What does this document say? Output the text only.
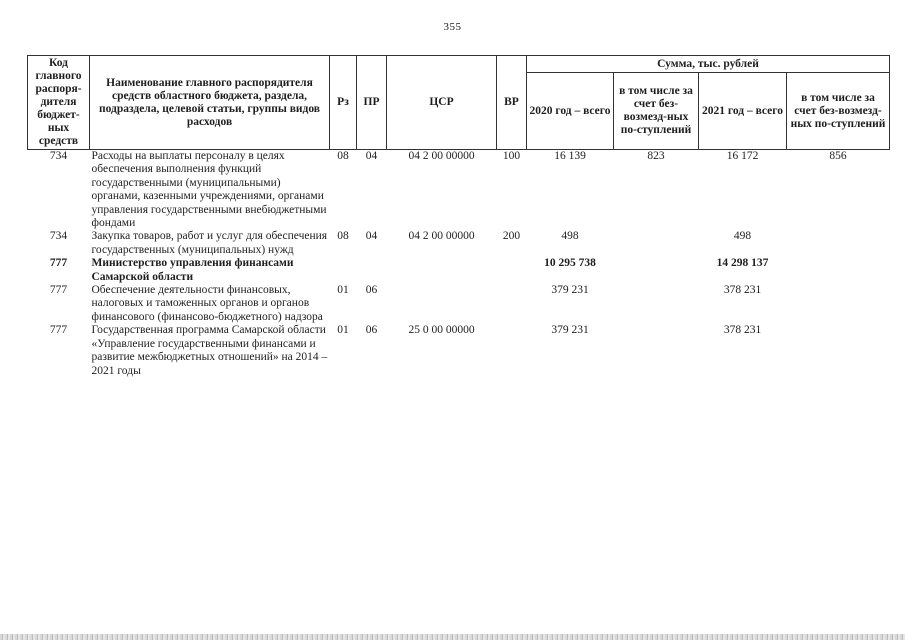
355
Код главного распоря-дителя бюджет-ных средств	Наименование главного распорядителя средств областного бюджета, раздела, подраздела, целевой статьи, группы видов расходов	Рз	ПР	ЦСР	ВР	Сумма, тыс. рублей			
						2020 год – всего	в том числе за счет без-возмезд-ных по-ступлений	2021 год – всего	в том числе за счет без-возмезд-ных по-ступлений
734	Расходы на выплаты персоналу в целях обеспечения выполнения функций государственными (муниципальными) органами, казенными учреждениями, органами управления государственными внебюджетными фондами	08	04	04 2 00 00000	100	16 139	823	16 172	856
734	Закупка товаров, работ и услуг для обеспечения государственных (муниципальных) нужд	08	04	04 2 00 00000	200	498		498	
777	Министерство управления финансами Самарской области					10 295 738		14 298 137	
777	Обеспечение деятельности финансовых, налоговых и таможенных органов и органов финансового (финансово-бюджетного) надзора	01	06			379 231		378 231	
777	Государственная программа Самарской области «Управление государственными финансами и развитие межбюджетных отношений» на 2014 – 2021 годы	01	06	25 0 00 00000		379 231		378 231	
